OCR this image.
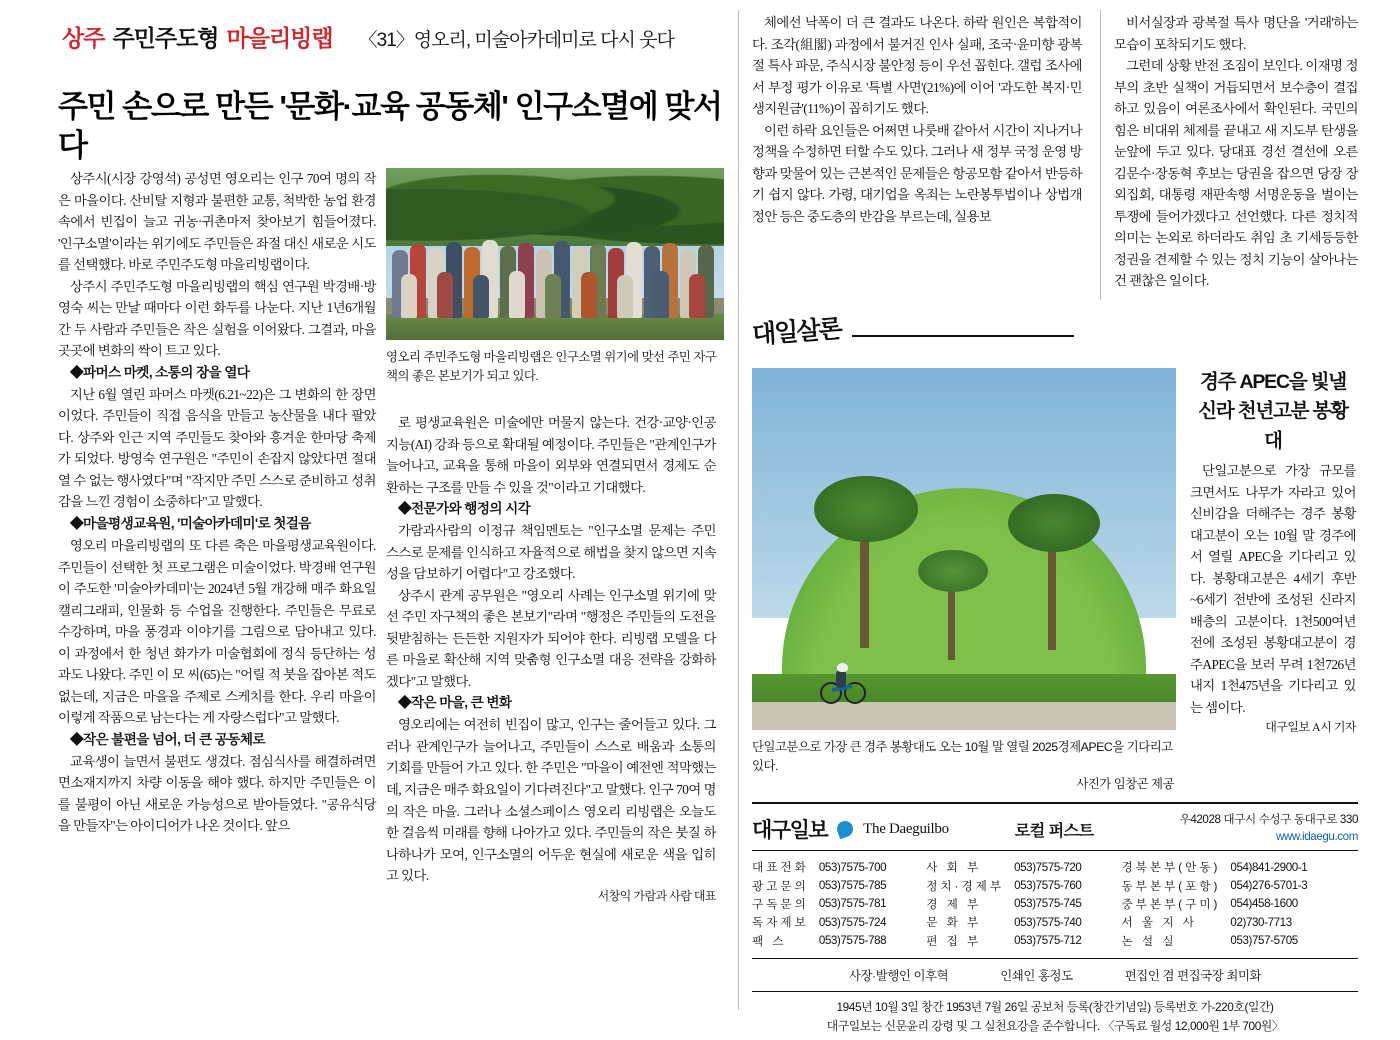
상주 주민주도형 마을리빙랩 〈31〉영오리, 미술아카데미로 다시 웃다
주민 손으로 만든 '문화·교육 공동체' 인구소멸에 맞서다

상주시(시장 강영석) 공성면 영오리는 인구 70여 명의 작은 마을이다. 산비탈 지형과 불편한 교통, 척박한 농업 환경 속에서 빈집이 늘고 귀농·귀촌마저 찾아보기 힘들어졌다. '인구소멸'이라는 위기에도 주민들은 좌절 대신 새로운 시도를 선택했다. 바로 주민주도형 마을리빙랩이다.

상주시 주민주도형 마을리빙랩의 핵심 연구원 박경배·방영숙 씨는 만날 때마다 이런 화두를 나눈다. 지난 1년6개월간 두 사람과 주민들은 작은 실험을 이어왔다. 그결과, 마을 곳곳에 변화의 싹이 트고 있다.

◆파머스 마켓, 소통의 장을 열다

지난 6월 열린 파머스 마켓(6.21~22)은 그 변화의 한 장면이었다. 주민들이 직접 음식을 만들고 농산물을 내다 팔았다. 상주와 인근 지역 주민들도 찾아와 흥겨운 한마당 축제가 되었다. 방영숙 연구원은 "주민이 손잡지 않았다면 절대 열 수 없는 행사였다"며 "작지만 주민 스스로 준비하고 성취감을 느낀 경험이 소중하다"고 말했다.

◆마을평생교육원, '미술아카데미'로 첫걸음

영오리 마을리빙랩의 또 다른 축은 마을평생교육원이다. 주민들이 선택한 첫 프로그램은 미술이었다. 박경배 연구원이 주도한 '미술아카데미'는 2024년 5월 개강해 매주 화요일 캘리그래피, 인물화 등 수업을 진행한다. 주민들은 무료로 수강하며, 마을 풍경과 이야기를 그림으로 담아내고 있다. 이 과정에서 한 청년 화가가 미술협회에 정식 등단하는 성과도 나왔다. 주민 이 모 씨(65)는 "어릴 적 붓을 잡아본 적도 없는데, 지금은 마을을 주제로 스케치를 한다. 우리 마을이 이렇게 작품으로 남는다는 게 자랑스럽다"고 말했다.

◆작은 불편을 넘어, 더 큰 공동체로

교육생이 늘면서 불편도 생겼다. 점심식사를 해결하려면 면소재지까지 차량 이동을 해야 했다. 하지만 주민들은 이를 불평이 아닌 새로운 가능성으로 받아들였다. "공유식당을 만들자"는 아이디어가 나온 것이다. 앞으

영오리 주민주도형 마을리빙랩은 인구소멸 위기에 맞선 주민 자구책의 좋은 본보기가 되고 있다.

로 평생교육원은 미술에만 머물지 않는다. 건강·교양·인공지능(AI) 강좌 등으로 확대될 예정이다. 주민들은 "관계인구가 늘어나고, 교육을 통해 마을이 외부와 연결되면서 경제도 순환하는 구조를 만들 수 있을 것"이라고 기대했다.

◆전문가와 행정의 시각

가람과사람의 이정규 책임멘토는 "인구소멸 문제는 주민 스스로 문제를 인식하고 자율적으로 해법을 찾지 않으면 지속성을 담보하기 어렵다"고 강조했다.

상주시 관계 공무원은 "영오리 사례는 인구소멸 위기에 맞선 주민 자구책의 좋은 본보기"라며 "행정은 주민들의 도전을 뒷받침하는 든든한 지원자가 되어야 한다. 리빙랩 모델을 다른 마을로 확산해 지역 맞춤형 인구소멸 대응 전략을 강화하겠다"고 말했다.

◆작은 마을, 큰 변화

영오리에는 여전히 빈집이 많고, 인구는 줄어들고 있다. 그러나 관계인구가 늘어나고, 주민들이 스스로 배움과 소통의 기회를 만들어 가고 있다. 한 주민은 "마을이 예전엔 적막했는데, 지금은 매주 화요일이 기다려진다"고 말했다. 인구 70여 명의 작은 마을. 그러나 소셜스페이스 영오리 리빙랩은 오늘도 한 걸음씩 미래를 향해 나아가고 있다. 주민들의 작은 붓질 하나하나가 모여, 인구소멸의 어두운 현실에 새로운 색을 입히고 있다.

서창익 가람과 사람 대표

체에선 낙폭이 더 큰 결과도 나온다. 하락 원인은 복합적이다. 조각(組閣) 과정에서 불거진 인사 실패, 조국·윤미향 광복절 특사 파문, 주식시장 불안정 등이 우선 꼽힌다. 갤럽 조사에서 부정 평가 이유로 '특별 사면'(21%)에 이어 '과도한 복지·민생지원금'(11%)이 꼽히기도 했다.

이런 하락 요인들은 어쩌면 나룻배 같아서 시간이 지나거나 정책을 수정하면 터할 수도 있다. 그러나 새 정부 국정 운영 방향과 맞물어 있는 근본적인 문제들은 항공모함 같아서 반등하기 쉽지 않다. 가령, 대기업을 옥죄는 노란봉투법이나 상법개정안 등은 중도층의 반감을 부르는데, 실용보

비서실장과 광복절 특사 명단을 '거래'하는 모습이 포착되기도 했다.

그런데 상황 반전 조짐이 보인다. 이재명 정부의 초반 실책이 거듭되면서 보수층이 결집하고 있음이 여론조사에서 확인된다. 국민의힘은 비대위 체제를 끝내고 새 지도부 탄생을 눈앞에 두고 있다. 당대표 경선 결선에 오른 김문수·장동혁 후보는 당권을 잡으면 당장 장외집회, 대통령 재판속행 서명운동을 벌이는 투쟁에 들어가겠다고 선언했다. 다른 정치적 의미는 논외로 하더라도 취임 초 기세등등한 정권을 견제할 수 있는 정치 기능이 살아나는 건 괜찮은 일이다.

대일살론
단일고분으로 가장 큰 경주 봉황대도 오는 10월 말 열릴 2025경제APEC을 기다리고 있다.
사진가 임창곤 제공
경주 APEC을 빛낼 신라 천년고분 봉황대

단일고분으로 가장 규모를 크면서도 나무가 자라고 있어 신비감을 더해주는 경주 봉황대고분이 오는 10월 말 경주에서 열릴 APEC을 기다리고 있다. 봉황대고분은 4세기 후반~6세기 전반에 조성된 신라지배층의 고분이다. 1천500여년 전에 조성된 봉황대고분이 경주APEC을 보러 무려 1천726년 내지 1천475년을 기다리고 있는 셈이다.

대구일보 A시 기자

대구일보 The Daeguilbo	로컬 퍼스트
우42028 대구시 수성구 동대구로 330
www.idaegu.com
대표전화	053)7575-700
광고문의	053)7575-785
구독문의	053)7575-781
독자제보	053)7575-724
팩 스	053)7575-788
사 회 부	053)7575-720
정치·경제부	053)7575-760
경 제 부	053)7575-745
문 화 부	053)7575-740
편 집 부	053)7575-712
경북본부(안동)	054)841-2900-1
동부본부(포항)	054)276-5701-3
중부본부(구미)	054)458-1600
서 울 지 사	02)730-7713
논 설 실	053)757-5705
사장·발행인 이후혁	인쇄인 홍정도	편집인 겸 편집국장 최미화
1945년 10월 3일 창간 1953년 7월 26일 공보처 등록(창간기념일) 등록번호 가-220호(일간)
대구일보는 신문윤리 강령 및 그 실천요강을 준수합니다. 〈구독료 월성 12,000원 1부 700원〉
